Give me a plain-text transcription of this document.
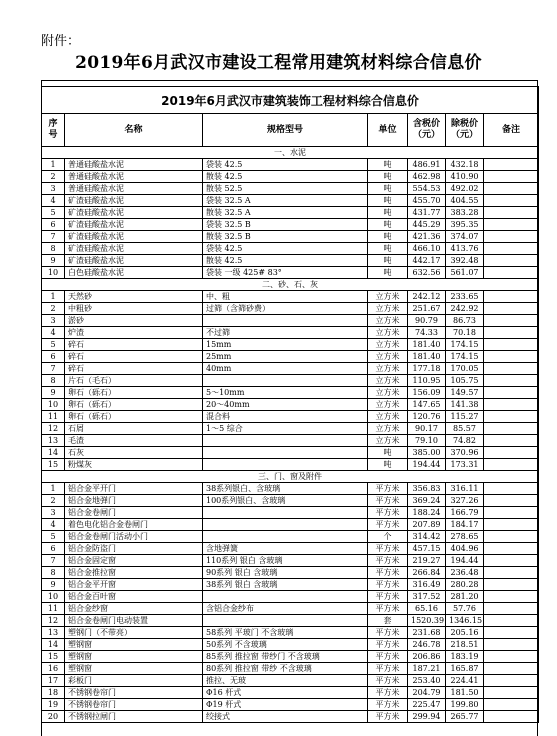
附件：
2019年6月武汉市建设工程常用建筑材料综合信息价
2019年6月武汉市建筑装饰工程材料综合信息价						
序号	名称	规格型号	单位	含税价（元）	除税价（元）	备注
一、水泥						
1	普通硅酸盐水泥	袋装 42.5	吨	486.91	432.18	
2	普通硅酸盐水泥	散装 42.5	吨	462.98	410.90	
3	普通硅酸盐水泥	散装 52.5	吨	554.53	492.02	
4	矿渣硅酸盐水泥	袋装 32.5 A	吨	455.70	404.55	
5	矿渣硅酸盐水泥	散装 32.5 A	吨	431.77	383.28	
6	矿渣硅酸盐水泥	袋装 32.5 B	吨	445.29	395.35	
7	矿渣硅酸盐水泥	散装 32.5 B	吨	421.36	374.07	
8	矿渣硅酸盐水泥	袋装 42.5	吨	466.10	413.76	
9	矿渣硅酸盐水泥	散装 42.5	吨	442.17	392.48	
10	白色硅酸盐水泥	袋装 一级 425# 83°	吨	632.56	561.07	
二、砂、石、灰						
1	天然砂	中、粗	立方米	242.12	233.65	
2	中粗砂	过筛（含筛砂费）	立方米	251.67	242.92	
3	淤砂		立方米	90.79	86.73	
4	炉渣	不过筛	立方米	74.33	70.18	
5	碎石	15mm	立方米	181.40	174.15	
6	碎石	25mm	立方米	181.40	174.15	
7	碎石	40mm	立方米	177.18	170.05	
8	片石（毛石）		立方米	110.95	105.75	
9	卵石（砾石）	5～10mm	立方米	156.09	149.57	
10	卵石（砾石）	20～40mm	立方米	147.65	141.38	
11	卵石（砾石）	混合料	立方米	120.76	115.27	
12	石屑	1～5 综合	立方米	90.17	85.57	
13	毛渣		立方米	79.10	74.82	
14	石灰		吨	385.00	370.96	
15	粉煤灰		吨	194.44	173.31	
三、门、窗及附件						
1	铝合金平开门	38系列银白、含玻璃	平方米	356.83	316.11	
2	铝合金地弹门	100系列银白、含玻璃	平方米	369.24	327.26	
3	铝合金卷闸门		平方米	188.24	166.79	
4	着色电化铝合金卷闸门		平方米	207.89	184.17	
5	铝合金卷闸门活动小门		个	314.42	278.65	
6	铝合金防盗门	含地弹簧	平方米	457.15	404.96	
7	铝合金固定窗	110系列 银白 含玻璃	平方米	219.27	194.44	
8	铝合金推拉窗	90系列 银白 含玻璃	平方米	266.84	236.48	
9	铝合金平开窗	38系列 银白 含玻璃	平方米	316.49	280.28	
10	铝合金百叶窗		平方米	317.52	281.20	
11	铝合金纱窗	含铝合金纱布	平方米	65.16	57.76	
12	铝合金卷闸门电动装置		套	1520.39	1346.15	
13	塑钢门（不带亮）	58系列 平玻门 不含玻璃	平方米	231.68	205.16	
14	塑钢窗	50系列 不含玻璃	平方米	246.78	218.51	
15	塑钢窗	85系列 推拉窗 带纱门 不含玻璃	平方米	206.86	183.19	
16	塑钢窗	80系列 推拉窗 带纱 不含玻璃	平方米	187.21	165.87	
17	彩板门	推拉、无玻	平方米	253.40	224.41	
18	不锈钢卷帘门	Φ16 杆式	平方米	204.79	181.50	
19	不锈钢卷帘门	Φ19 杆式	平方米	225.47	199.80	
20	不锈钢拉闸门	绞接式	平方米	299.94	265.77	
